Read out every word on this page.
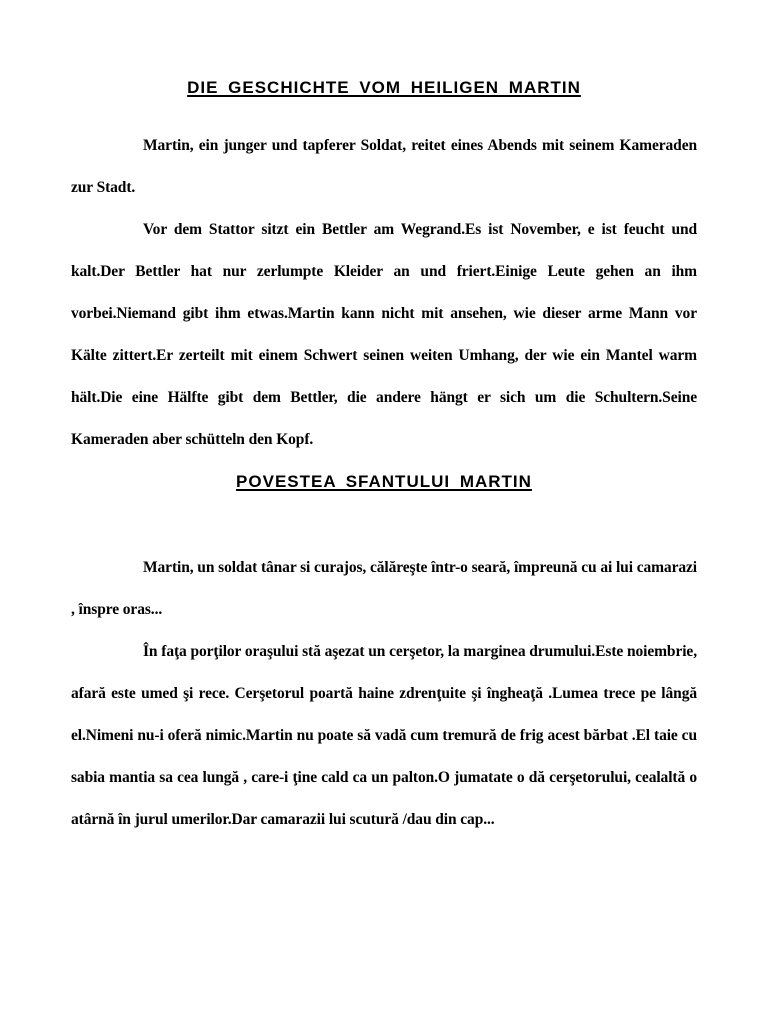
DIE GESCHICHTE VOM HEILIGEN MARTIN

Martin, ein junger und tapferer Soldat, reitet eines Abends mit seinem Kameraden zur Stadt.

Vor dem Stattor sitzt ein Bettler am Wegrand.Es ist November, e ist feucht und kalt.Der Bettler hat nur zerlumpte Kleider an und friert.Einige Leute gehen an ihm vorbei.Niemand gibt ihm etwas.Martin kann nicht mit ansehen, wie dieser arme Mann vor Kälte zittert.Er zerteilt mit einem Schwert seinen weiten Umhang, der wie ein Mantel warm hält.Die eine Hälfte gibt dem Bettler, die andere hängt er sich um die Schultern.Seine Kameraden aber schütteln den Kopf.

POVESTEA SFANTULUI MARTIN

Martin, un soldat tânar si curajos, călăreşte într-o seară, împreună cu ai lui camarazi , înspre oras...

În faţa porţilor oraşului stă aşezat un cerşetor, la marginea drumului.Este noiembrie, afară este umed şi rece. Cerşetorul poartă haine zdrenţuite şi îngheaţă .Lumea trece pe lângă el.Nimeni nu-i oferă nimic.Martin nu poate să vadă cum tremură de frig acest bărbat .El taie cu sabia mantia sa cea lungă , care-i ţine cald ca un palton.O jumatate o dă cerşetorului, cealaltă o atârnă în jurul umerilor.Dar camarazii lui scutură /dau din cap...
